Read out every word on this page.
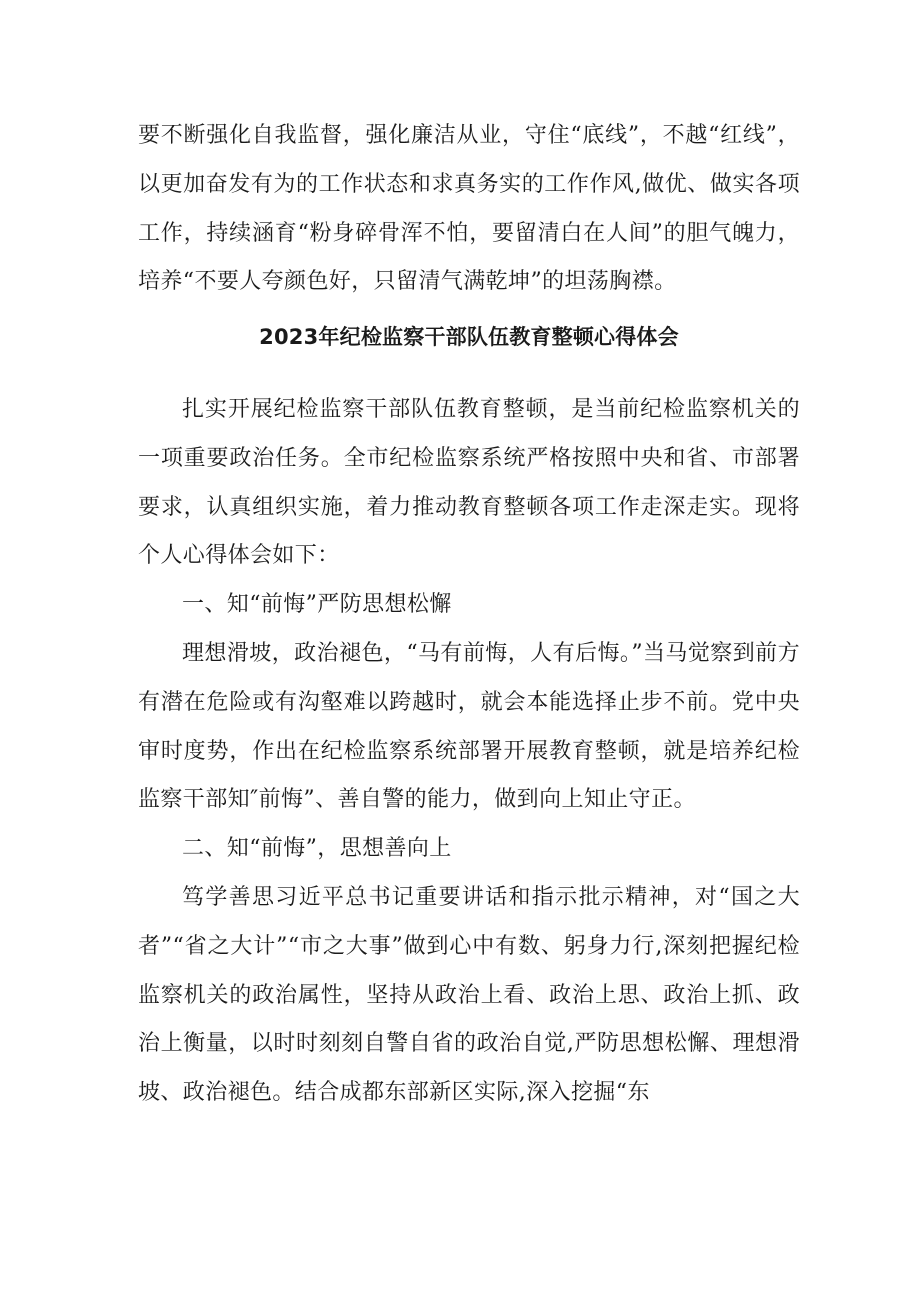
要不断强化自我监督，强化廉洁从业，守住“底线”，不越“红线”，以更加奋发有为的工作状态和求真务实的工作作风,做优、做实各项工作，持续涵育“粉身碎骨浑不怕，要留清白在人间”的胆气魄力，培养“不要人夸颜色好，只留清气满乾坤”的坦荡胸襟。

2023年纪检监察干部队伍教育整顿心得体会

扎实开展纪检监察干部队伍教育整顿，是当前纪检监察机关的一项重要政治任务。全市纪检监察系统严格按照中央和省、市部署要求，认真组织实施，着力推动教育整顿各项工作走深走实。现将个人心得体会如下：

一、知“前悔”严防思想松懈

理想滑坡，政治褪色，“马有前悔，人有后悔。”当马觉察到前方有潜在危险或有沟壑难以跨越时，就会本能选择止步不前。党中央审时度势，作出在纪检监察系统部署开展教育整顿，就是培养纪检监察干部知″前悔”、善自警的能力，做到向上知止守正。

二、知“前悔”，思想善向上

笃学善思习近平总书记重要讲话和指示批示精神，对“国之大者”“省之大计”“市之大事”做到心中有数、躬身力行,深刻把握纪检监察机关的政治属性，坚持从政治上看、政治上思、政治上抓、政治上衡量，以时时刻刻自警自省的政治自觉,严防思想松懈、理想滑坡、政治褪色。结合成都东部新区实际,深入挖掘“东
